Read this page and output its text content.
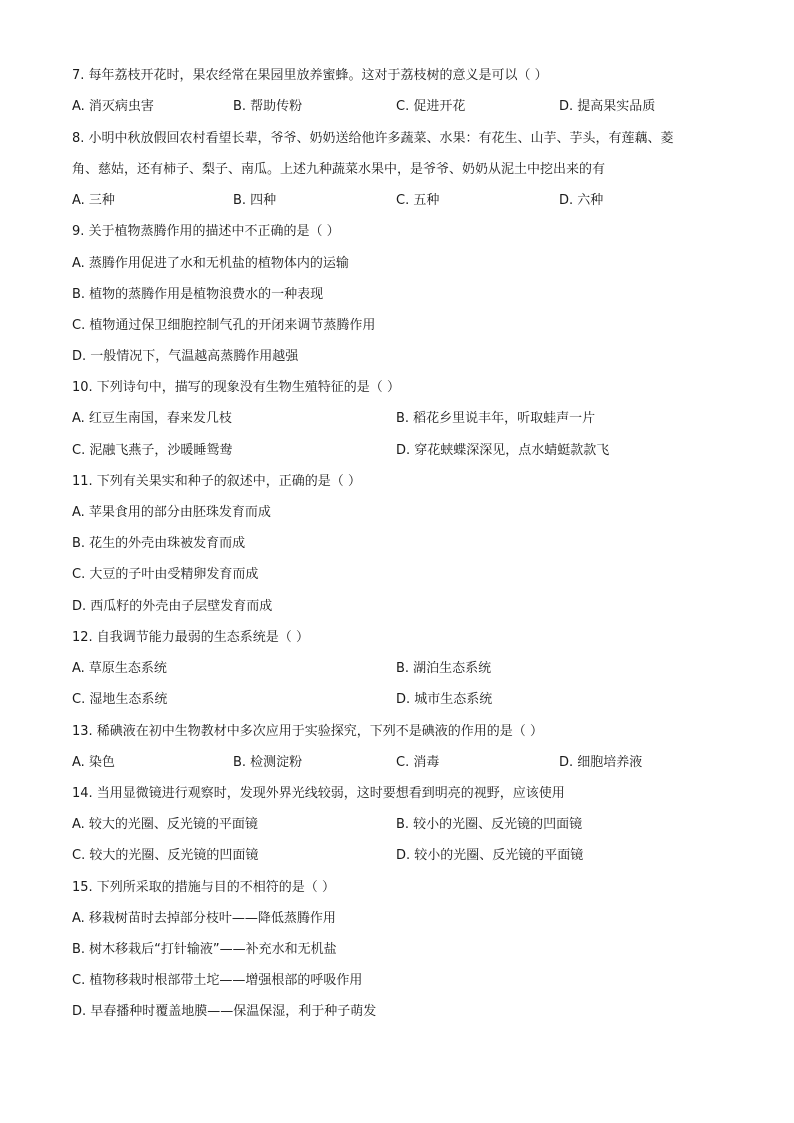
7. 每年荔枝开花时，果农经常在果园里放养蜜蜂。这对于荔枝树的意义是可以（ ）
A. 消灭病虫害	B. 帮助传粉	C. 促进开花	D. 提高果实品质
8. 小明中秋放假回农村看望长辈，爷爷、奶奶送给他许多蔬菜、水果：有花生、山芋、芋头，有莲藕、菱
角、慈姑，还有柿子、梨子、南瓜。上述九种蔬菜水果中，是爷爷、奶奶从泥土中挖出来的有
A. 三种	B. 四种	C. 五种	D. 六种
9. 关于植物蒸腾作用的描述中不正确的是（ ）
A. 蒸腾作用促进了水和无机盐的植物体内的运输
B. 植物的蒸腾作用是植物浪费水的一种表现
C. 植物通过保卫细胞控制气孔的开闭来调节蒸腾作用
D. 一般情况下，气温越高蒸腾作用越强
10. 下列诗句中，描写的现象没有生物生殖特征的是（ ）
A. 红豆生南国，春来发几枝	B. 稻花乡里说丰年，听取蛙声一片
C. 泥融飞燕子，沙暖睡鸳鸯	D. 穿花蛱蝶深深见，点水蜻蜓款款飞
11. 下列有关果实和种子的叙述中，正确的是（ ）
A. 苹果食用的部分由胚珠发育而成
B. 花生的外壳由珠被发育而成
C. 大豆的子叶由受精卵发育而成
D. 西瓜籽的外壳由子层壁发育而成
12. 自我调节能力最弱的生态系统是（ ）
A. 草原生态系统	B. 湖泊生态系统
C. 湿地生态系统	D. 城市生态系统
13. 稀碘液在初中生物教材中多次应用于实验探究，下列不是碘液的作用的是（ ）
A. 染色	B. 检测淀粉	C. 消毒	D. 细胞培养液
14. 当用显微镜进行观察时，发现外界光线较弱，这时要想看到明亮的视野，应该使用
A. 较大的光圈、反光镜的平面镜	B. 较小的光圈、反光镜的凹面镜
C. 较大的光圈、反光镜的凹面镜	D. 较小的光圈、反光镜的平面镜
15. 下列所采取的措施与目的不相符的是（ ）
A. 移栽树苗时去掉部分枝叶——降低蒸腾作用
B. 树木移栽后“打针输液”——补充水和无机盐
C. 植物移栽时根部带土坨——增强根部的呼吸作用
D. 早春播种时覆盖地膜——保温保湿，利于种子萌发
